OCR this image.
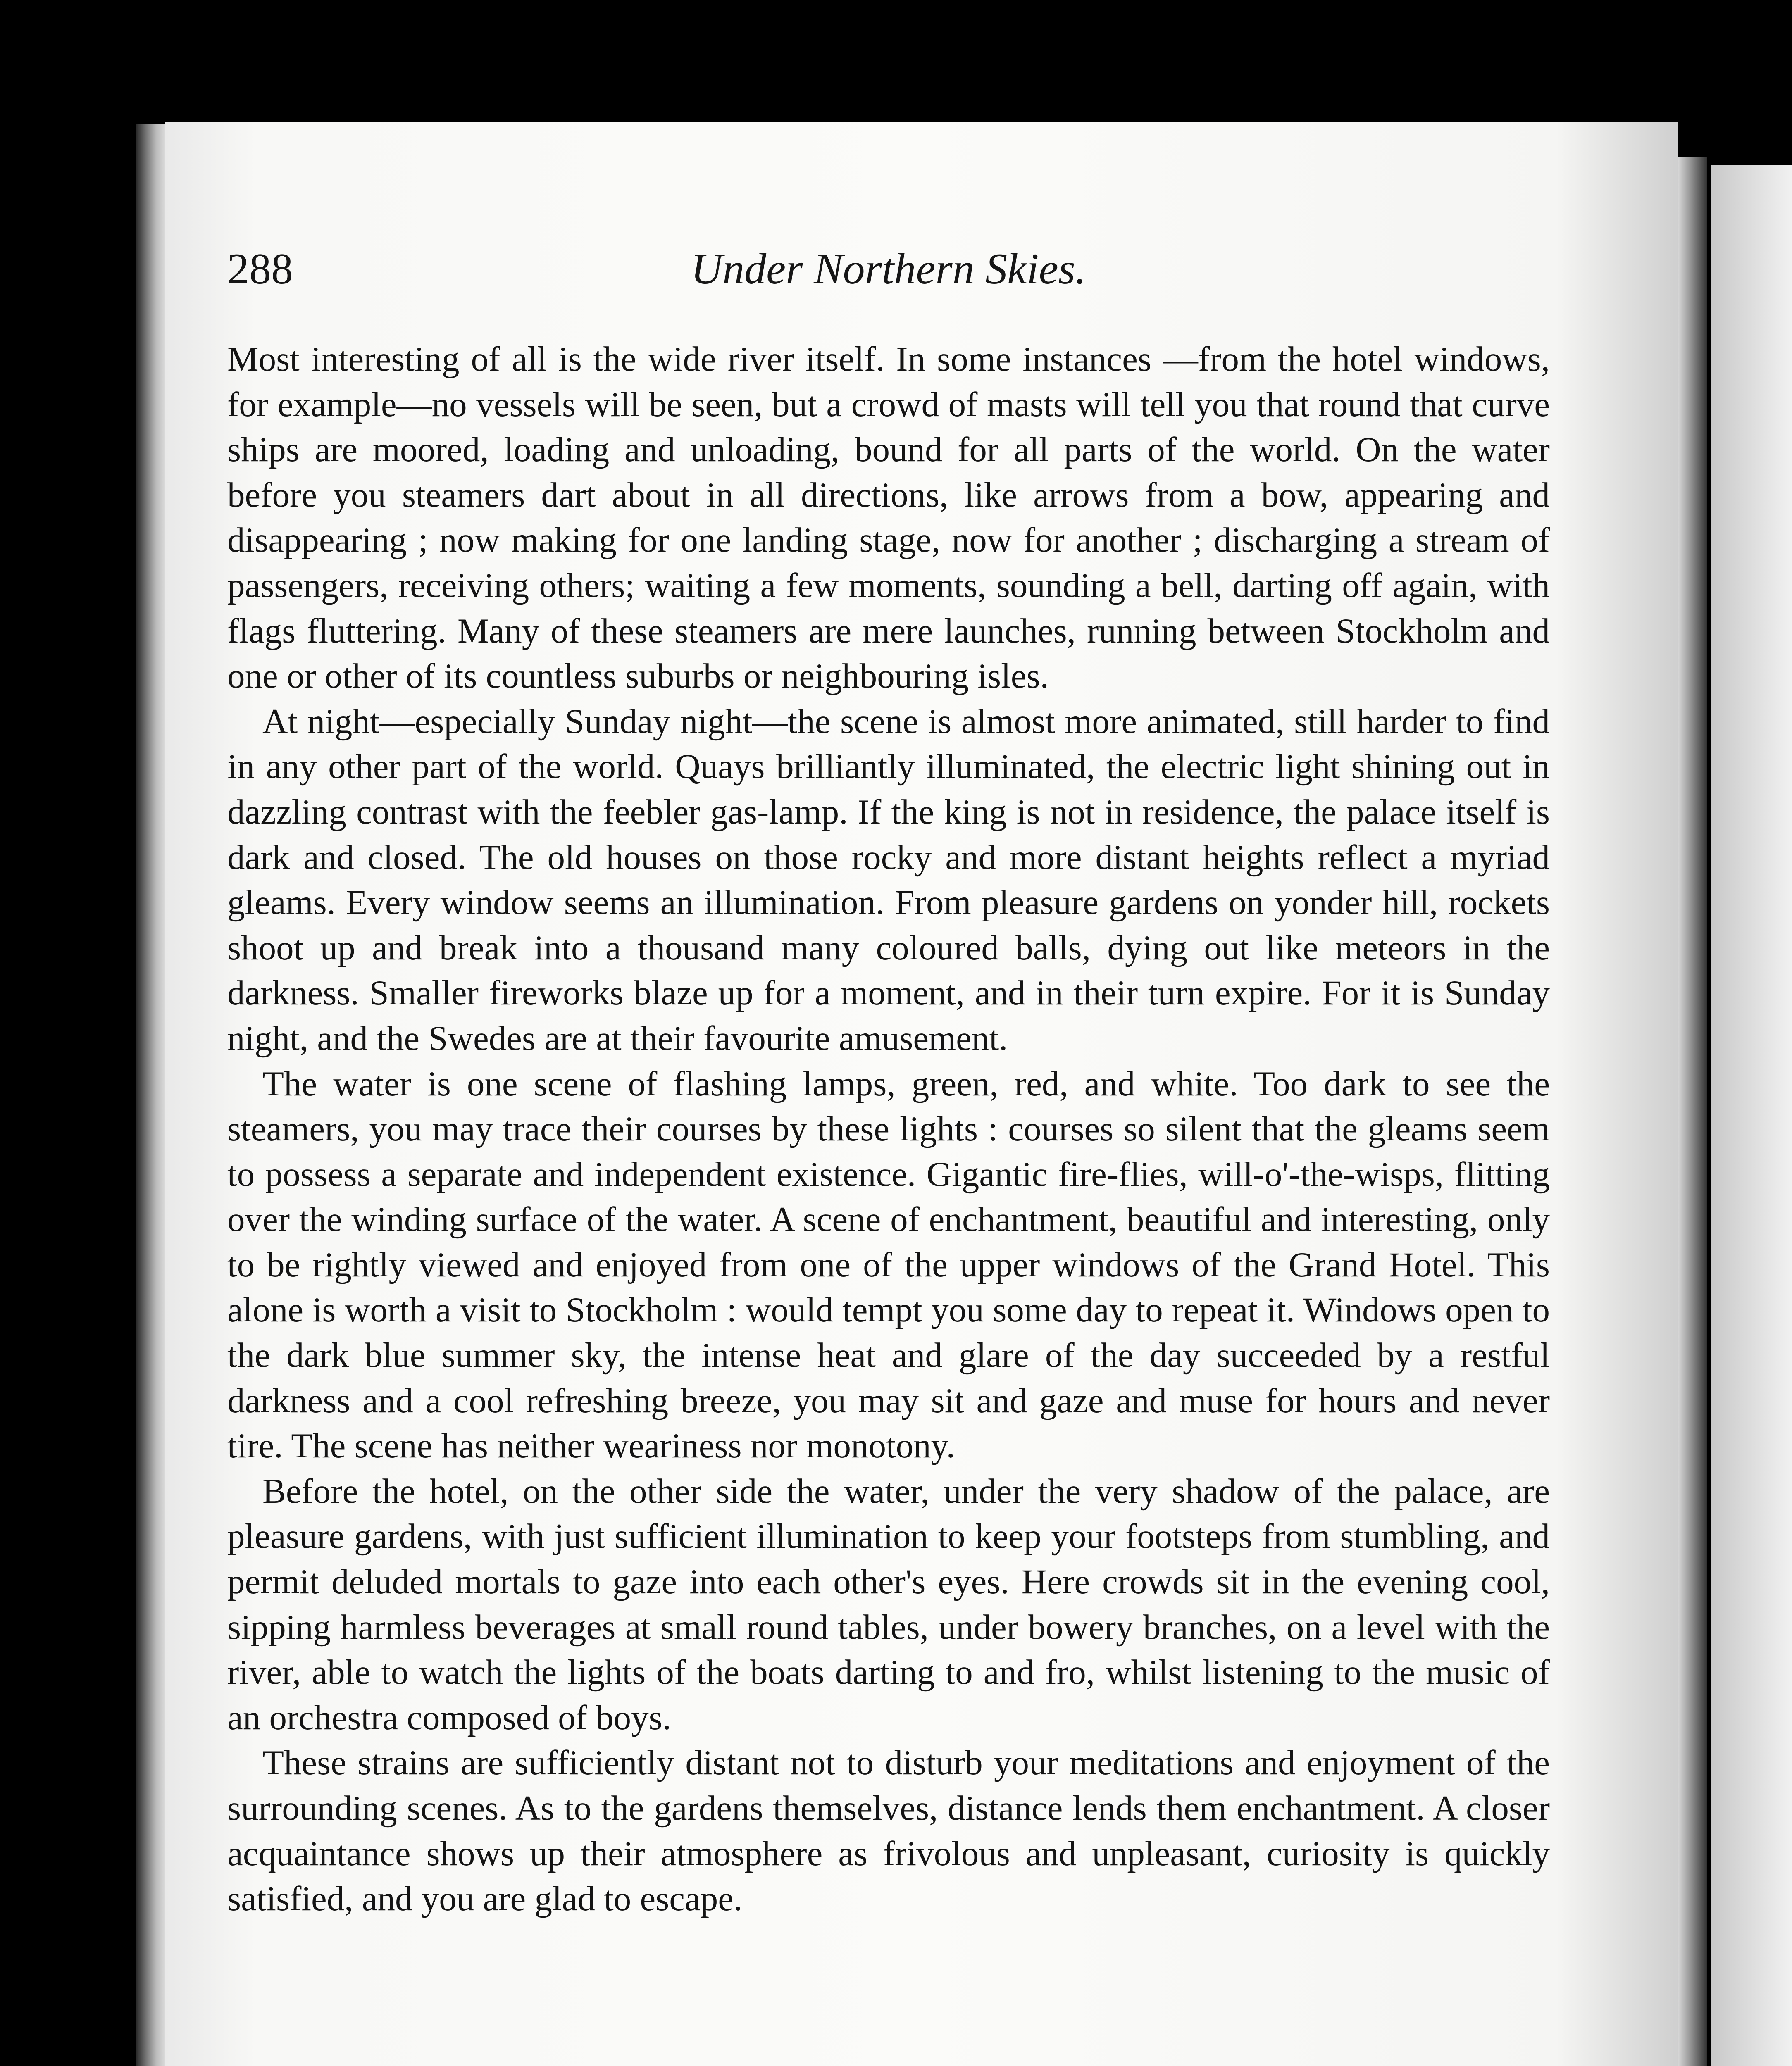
288	Under Northern Skies.

Most interesting of all is the wide river itself. In some instances —from the hotel windows, for example—no vessels will be seen, but a crowd of masts will tell you that round that curve ships are moored, loading and unloading, bound for all parts of the world. On the water before you steamers dart about in all directions, like arrows from a bow, appearing and disappearing ; now making for one landing stage, now for another ; discharging a stream of passengers, receiving others; waiting a few moments, sounding a bell, darting off again, with flags fluttering. Many of these steamers are mere launches, running between Stockholm and one or other of its countless suburbs or neighbouring isles.

At night—especially Sunday night—the scene is almost more animated, still harder to find in any other part of the world. Quays brilliantly illuminated, the electric light shining out in dazzling contrast with the feebler gas-lamp. If the king is not in residence, the palace itself is dark and closed. The old houses on those rocky and more distant heights reflect a myriad gleams. Every window seems an illumination. From pleasure gardens on yonder hill, rockets shoot up and break into a thousand many coloured balls, dying out like meteors in the darkness. Smaller fireworks blaze up for a moment, and in their turn expire. For it is Sunday night, and the Swedes are at their favourite amusement.

The water is one scene of flashing lamps, green, red, and white. Too dark to see the steamers, you may trace their courses by these lights : courses so silent that the gleams seem to possess a separate and independent existence. Gigantic fire-flies, will-o'-the-wisps, flitting over the winding surface of the water. A scene of enchantment, beautiful and interesting, only to be rightly viewed and enjoyed from one of the upper windows of the Grand Hotel. This alone is worth a visit to Stockholm : would tempt you some day to repeat it. Windows open to the dark blue summer sky, the intense heat and glare of the day succeeded by a restful darkness and a cool refreshing breeze, you may sit and gaze and muse for hours and never tire. The scene has neither weariness nor monotony.

Before the hotel, on the other side the water, under the very shadow of the palace, are pleasure gardens, with just sufficient illumination to keep your footsteps from stumbling, and permit deluded mortals to gaze into each other's eyes. Here crowds sit in the evening cool, sipping harmless beverages at small round tables, under bowery branches, on a level with the river, able to watch the lights of the boats darting to and fro, whilst listening to the music of an orchestra composed of boys.

These strains are sufficiently distant not to disturb your meditations and enjoyment of the surrounding scenes. As to the gardens themselves, distance lends them enchantment. A closer acquaintance shows up their atmosphere as frivolous and unpleasant, curiosity is quickly satisfied, and you are glad to escape.
